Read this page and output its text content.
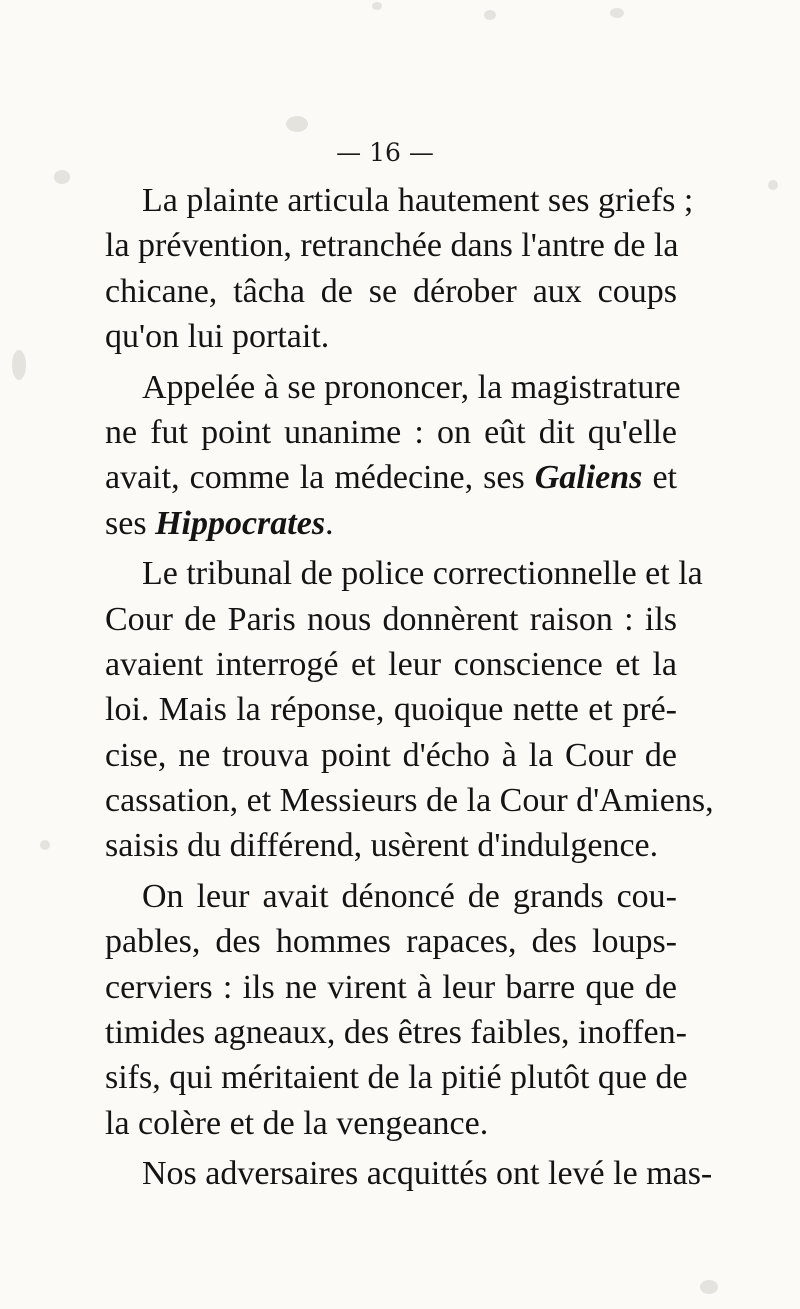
— 16 —
La plainte articula hautement ses griefs ;
la prévention, retranchée dans l'antre de la
chicane, tâcha de se dérober aux coups
qu'on lui portait.
Appelée à se prononcer, la magistrature
ne fut point unanime : on eût dit qu'elle
avait, comme la médecine, ses Galiens et
ses Hippocrates.
Le tribunal de police correctionnelle et la
Cour de Paris nous donnèrent raison : ils
avaient interrogé et leur conscience et la
loi. Mais la réponse, quoique nette et pré-
cise, ne trouva point d'écho à la Cour de
cassation, et Messieurs de la Cour d'Amiens,
saisis du différend, usèrent d'indulgence.
On leur avait dénoncé de grands cou-
pables, des hommes rapaces, des loups-
cerviers : ils ne virent à leur barre que de
timides agneaux, des êtres faibles, inoffen-
sifs, qui méritaient de la pitié plutôt que de
la colère et de la vengeance.
Nos adversaires acquittés ont levé le mas-
